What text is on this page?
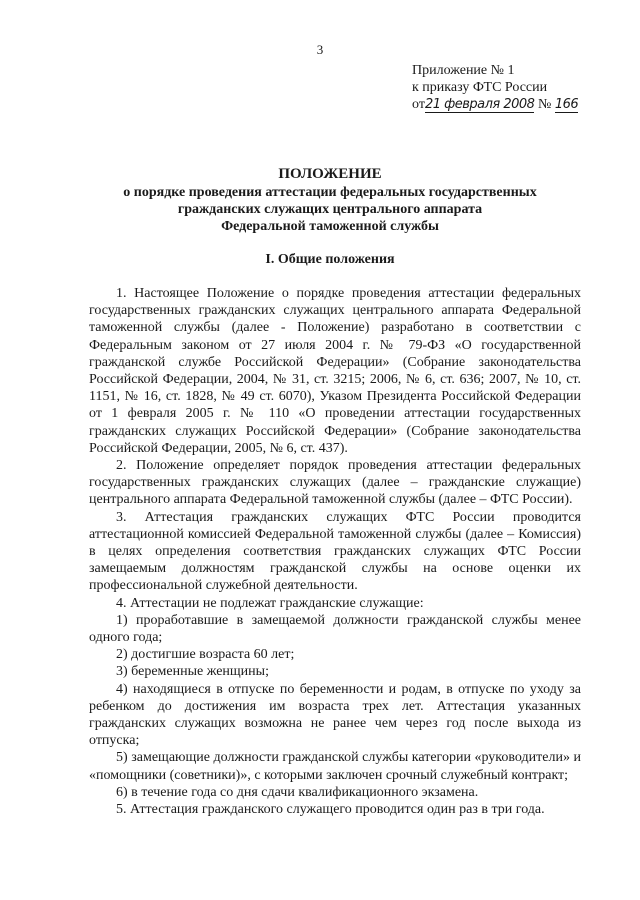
3
Приложение № 1
к приказу ФТС России
от21 февраля 2008 № 166
ПОЛОЖЕНИЕ
о порядке проведения аттестации федеральных государственных
гражданских служащих центрального аппарата
Федеральной таможенной службы
I. Общие положения

1. Настоящее Положение о порядке проведения аттестации федеральных государственных гражданских служащих центрального аппарата Федеральной таможенной службы (далее - Положение) разработано в соответствии с Федеральным законом от 27 июля 2004 г. № 79-ФЗ «О государственной гражданской службе Российской Федерации» (Собрание законодательства Российской Федерации, 2004, № 31, ст. 3215; 2006, № 6, ст. 636; 2007, № 10, ст. 1151, № 16, ст. 1828, № 49 ст. 6070), Указом Президента Российской Федерации от 1 февраля 2005 г. № 110 «О проведении аттестации государственных гражданских служащих Российской Федерации» (Собрание законодательства Российской Федерации, 2005, № 6, ст. 437).

2. Положение определяет порядок проведения аттестации федеральных государственных гражданских служащих (далее – гражданские служащие) центрального аппарата Федеральной таможенной службы (далее – ФТС России).

3. Аттестация гражданских служащих ФТС России проводится аттестационной комиссией Федеральной таможенной службы (далее – Комиссия) в целях определения соответствия гражданских служащих ФТС России замещаемым должностям гражданской службы на основе оценки их профессиональной служебной деятельности.

4. Аттестации не подлежат гражданские служащие:

1) проработавшие в замещаемой должности гражданской службы менее одного года;

2) достигшие возраста 60 лет;

3) беременные женщины;

4) находящиеся в отпуске по беременности и родам, в отпуске по уходу за ребенком до достижения им возраста трех лет. Аттестация указанных гражданских служащих возможна не ранее чем через год после выхода из отпуска;

5) замещающие должности гражданской службы категории «руководители» и «помощники (советники)», с которыми заключен срочный служебный контракт;

6) в течение года со дня сдачи квалификационного экзамена.

5. Аттестация гражданского служащего проводится один раз в три года.
